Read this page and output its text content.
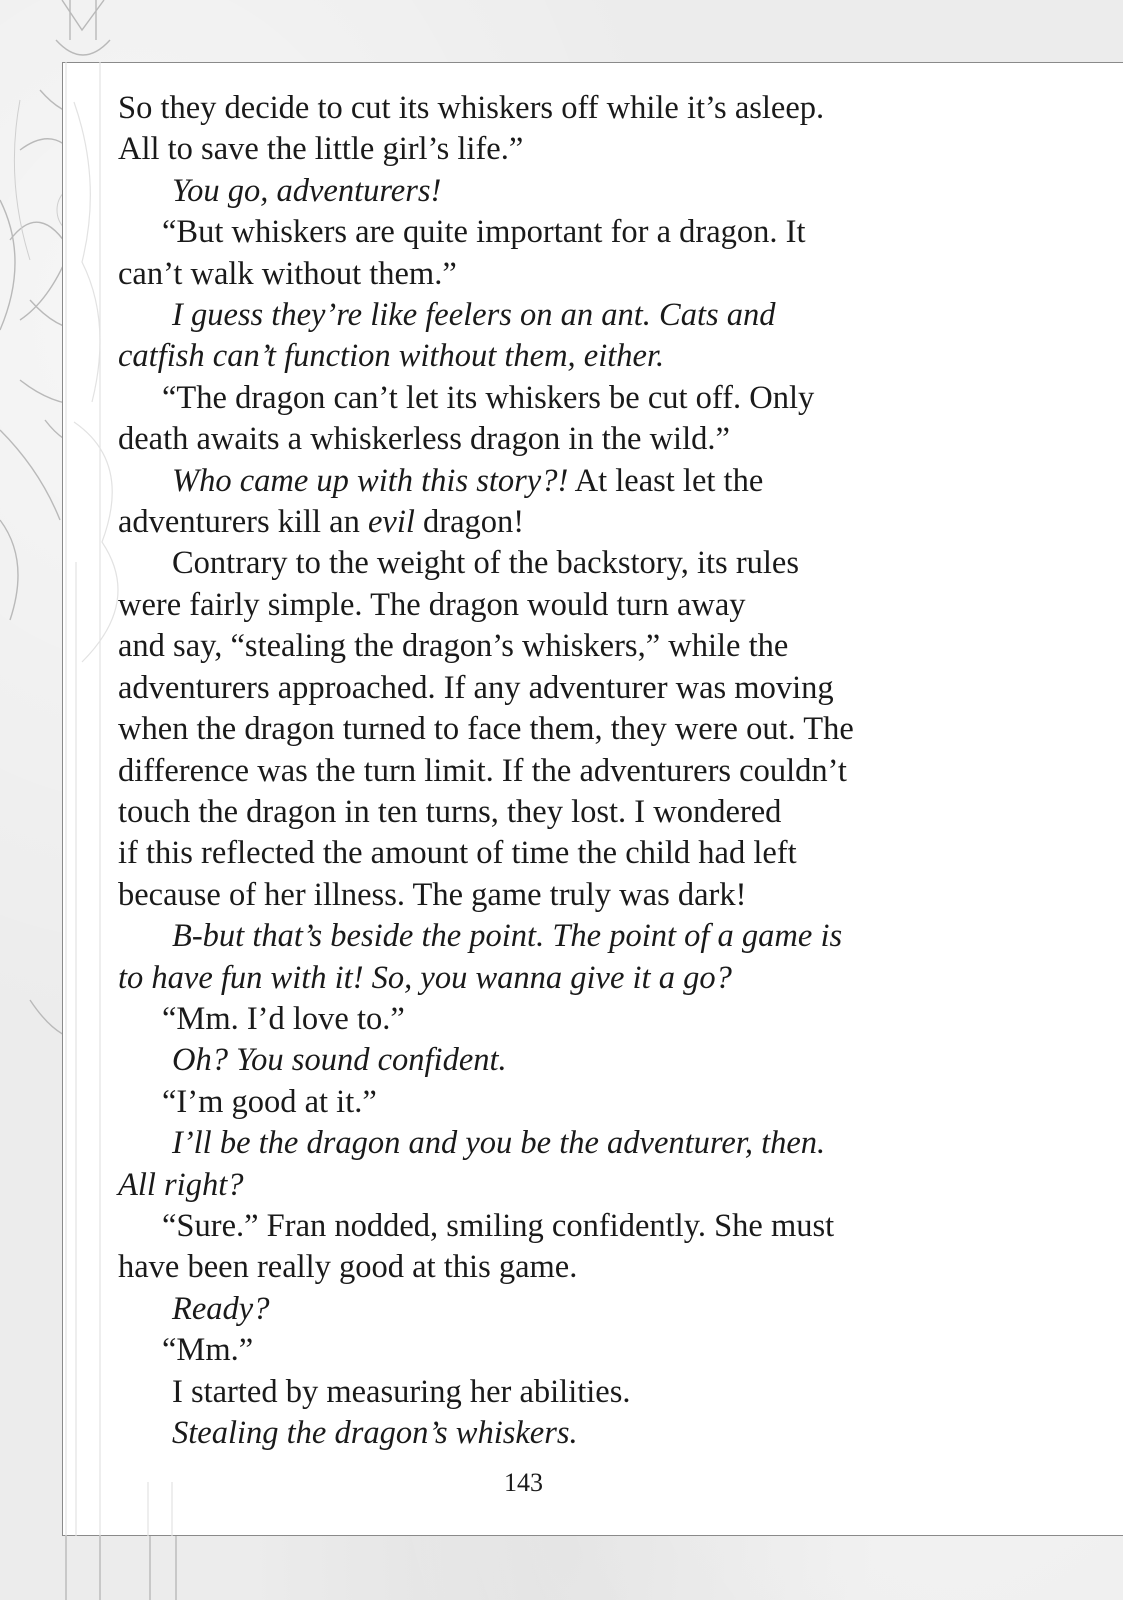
So they decide to cut its whiskers off while it’s asleep.
All to save the little girl’s life.”
You go, adventurers!
“But whiskers are quite important for a dragon. It
can’t walk without them.”
I guess they’re like feelers on an ant. Cats and
catfish can’t function without them, either.
“The dragon can’t let its whiskers be cut off. Only
death awaits a whiskerless dragon in the wild.”
Who came up with this story?! At least let the
adventurers kill an evil dragon!
Contrary to the weight of the backstory, its rules
were fairly simple. The dragon would turn away
and say, “stealing the dragon’s whiskers,” while the
adventurers approached. If any adventurer was moving
when the dragon turned to face them, they were out. The
difference was the turn limit. If the adventurers couldn’t
touch the dragon in ten turns, they lost. I wondered
if this reflected the amount of time the child had left
because of her illness. The game truly was dark!
B-but that’s beside the point. The point of a game is
to have fun with it! So, you wanna give it a go?
“Mm. I’d love to.”
Oh? You sound confident.
“I’m good at it.”
I’ll be the dragon and you be the adventurer, then.
All right?
“Sure.” Fran nodded, smiling confidently. She must
have been really good at this game.
Ready?
“Mm.”
I started by measuring her abilities.
Stealing the dragon’s whiskers.
143
